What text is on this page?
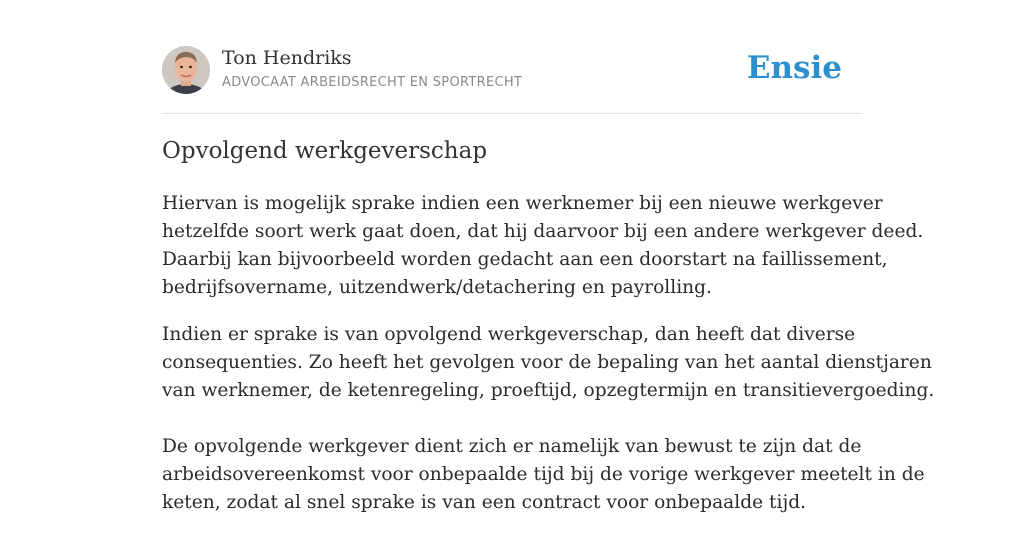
Ton Hendriks
ADVOCAAT ARBEIDSRECHT EN SPORTRECHT	Ensie
Opvolgend werkgeverschap

Hiervan is mogelijk sprake indien een werknemer bij een nieuwe werkgever
hetzelfde soort werk gaat doen, dat hij daarvoor bij een andere werkgever deed.
Daarbij kan bijvoorbeeld worden gedacht aan een doorstart na faillissement,
bedrijfsovername, uitzendwerk/detachering en payrolling.

Indien er sprake is van opvolgend werkgeverschap, dan heeft dat diverse
consequenties. Zo heeft het gevolgen voor de bepaling van het aantal dienstjaren
van werknemer, de ketenregeling, proeftijd, opzegtermijn en transitievergoeding.

De opvolgende werkgever dient zich er namelijk van bewust te zijn dat de
arbeidsovereenkomst voor onbepaalde tijd bij de vorige werkgever meetelt in de
keten, zodat al snel sprake is van een contract voor onbepaalde tijd.
